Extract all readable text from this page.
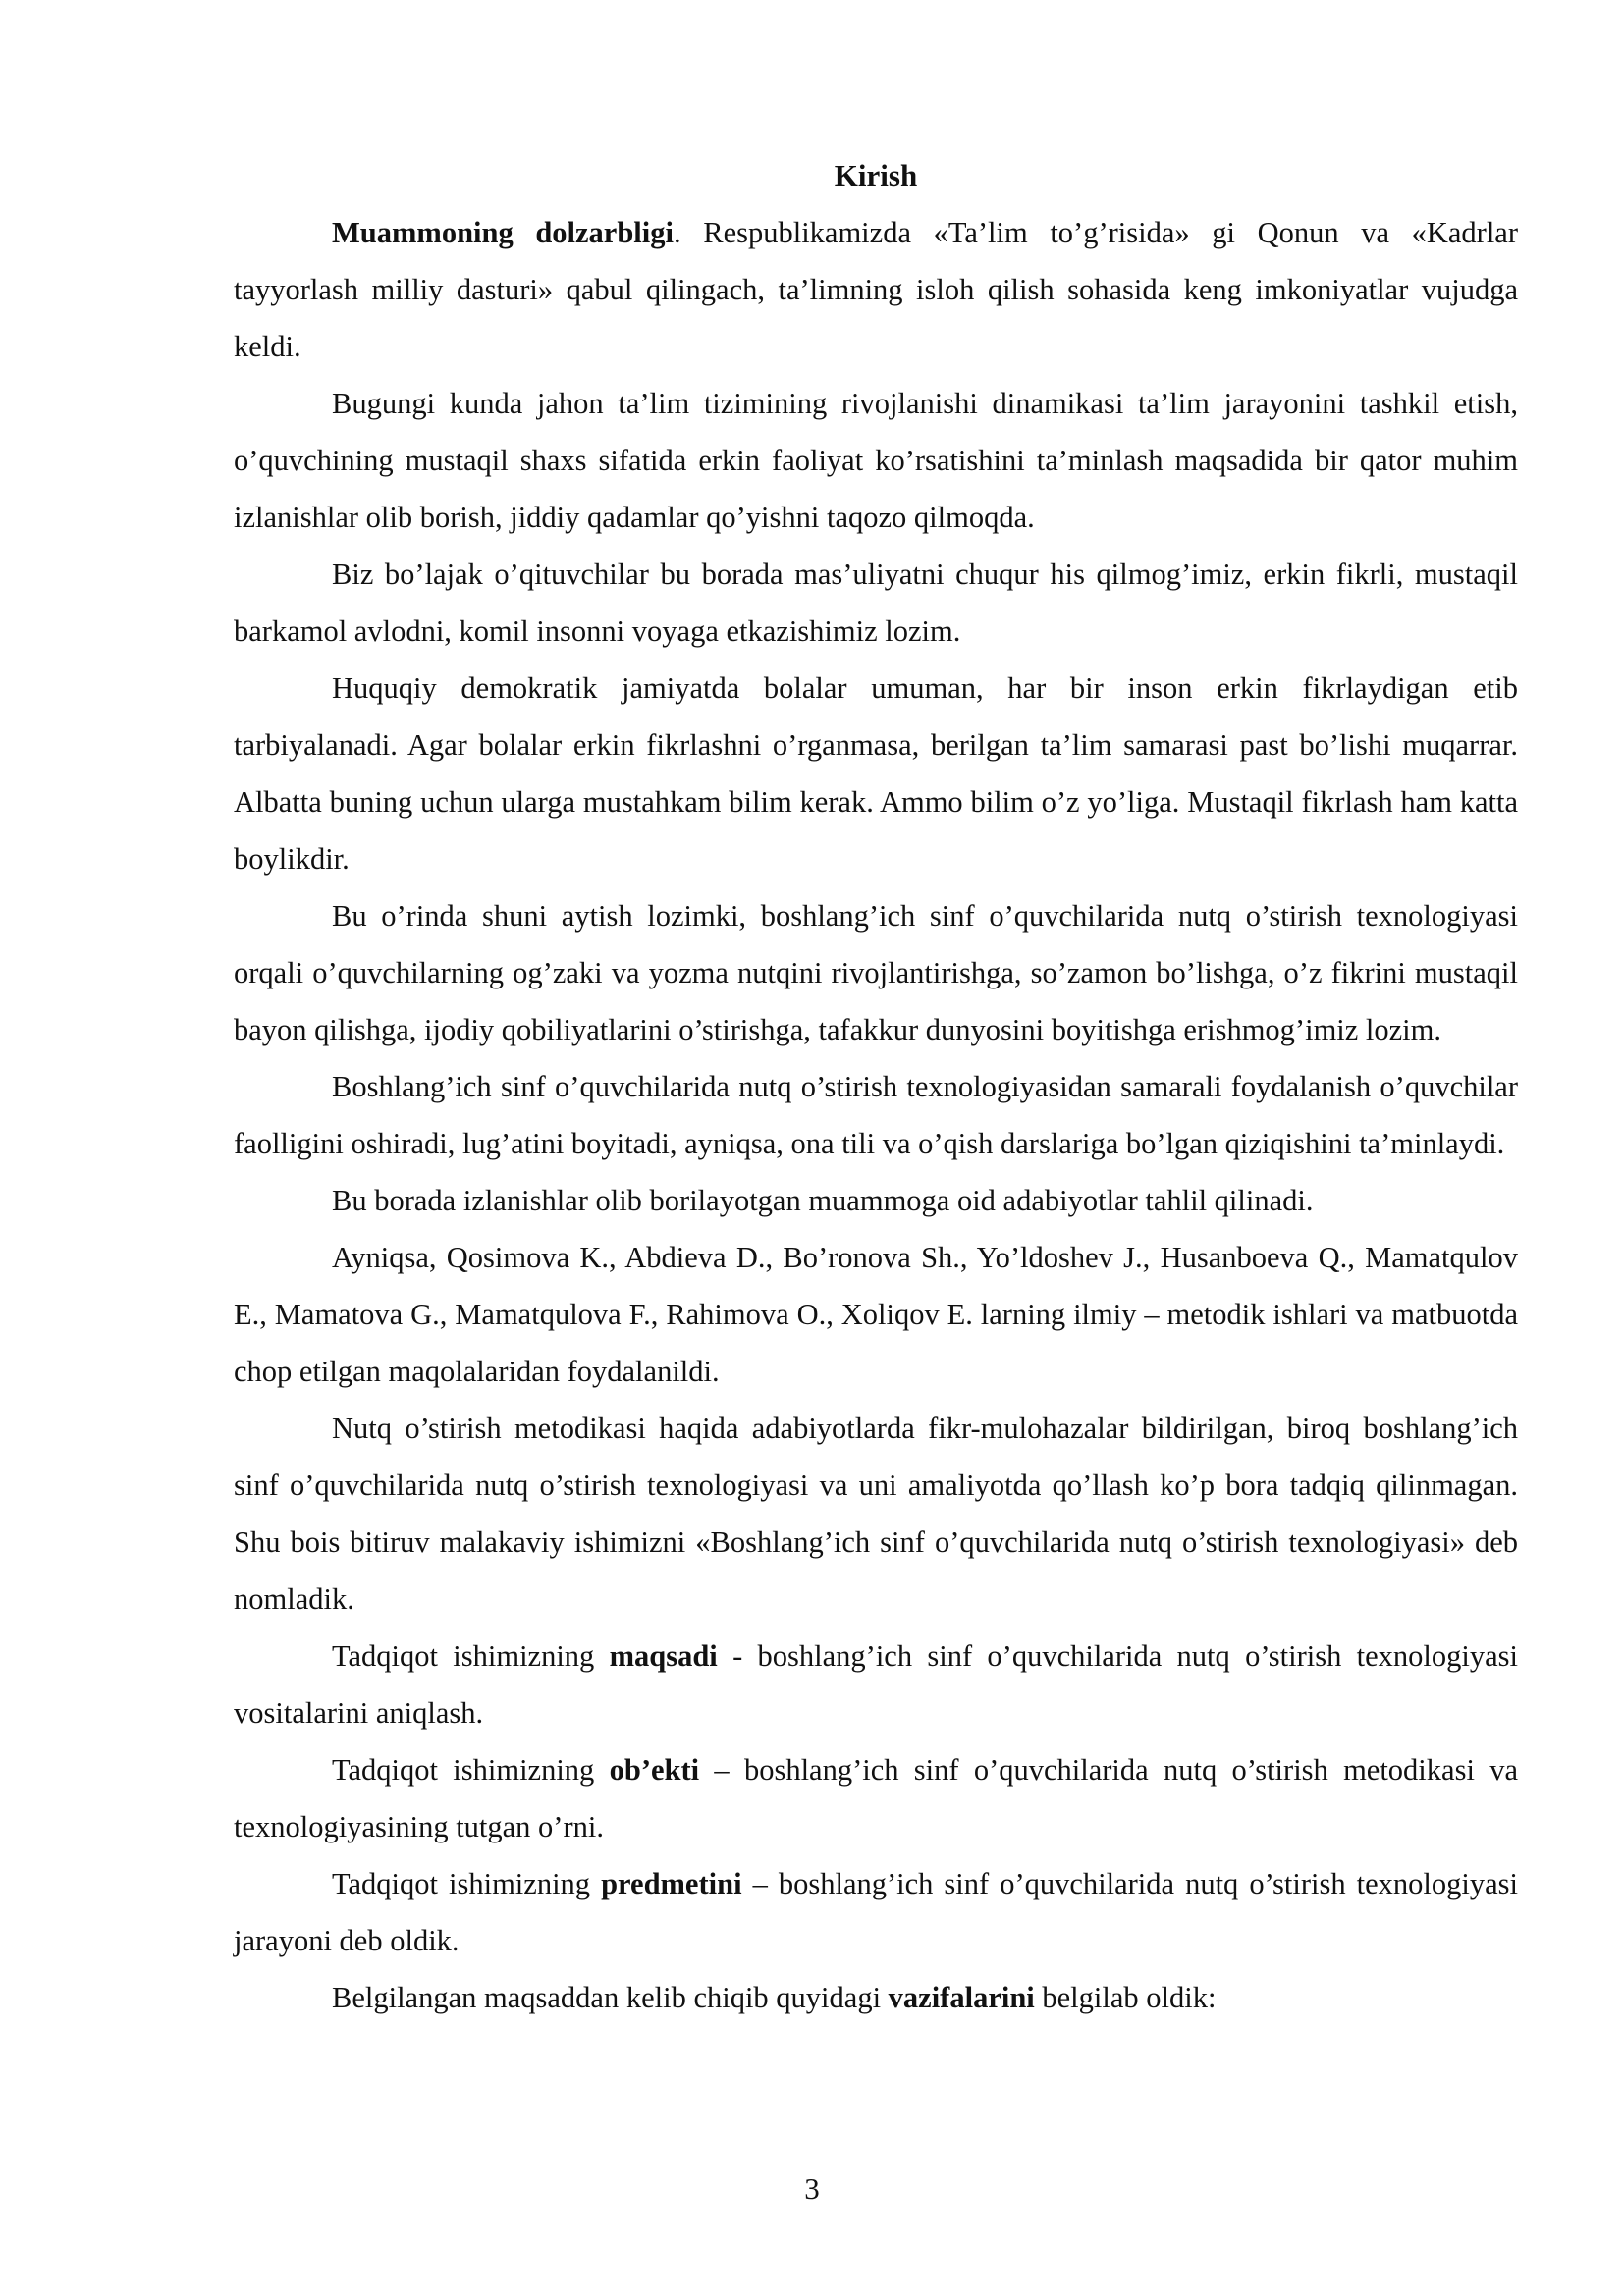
Kirish

Muammoning dolzarbligi. Respublikamizda «Ta’lim to’g’risida» gi Qonun va «Kadrlar tayyorlash milliy dasturi» qabul qilingach, ta’limning isloh qilish sohasida keng imkoniyatlar vujudga keldi.

Bugungi kunda jahon ta’lim tizimining rivojlanishi dinamikasi ta’lim jarayonini tashkil etish, o’quvchining mustaqil shaxs sifatida erkin faoliyat ko’rsatishini ta’minlash maqsadida bir qator muhim izlanishlar olib borish, jiddiy qadamlar qo’yishni taqozo qilmoqda.

Biz bo’lajak o’qituvchilar bu borada mas’uliyatni chuqur his qilmog’imiz, erkin fikrli, mustaqil barkamol avlodni, komil insonni voyaga etkazishimiz lozim.

Huquqiy demokratik jamiyatda bolalar umuman, har bir inson erkin fikrlaydigan etib tarbiyalanadi. Agar bolalar erkin fikrlashni o’rganmasa, berilgan ta’lim samarasi past bo’lishi muqarrar. Albatta buning uchun ularga mustahkam bilim kerak. Ammo bilim o’z yo’liga. Mustaqil fikrlash ham katta boylikdir.

Bu o’rinda shuni aytish lozimki, boshlang’ich sinf o’quvchilarida nutq o’stirish texnologiyasi orqali o’quvchilarning og’zaki va yozma nutqini rivojlantirishga, so’zamon bo’lishga, o’z fikrini mustaqil bayon qilishga, ijodiy qobiliyatlarini o’stirishga, tafakkur dunyosini boyitishga erishmog’imiz lozim.

Boshlang’ich sinf o’quvchilarida nutq o’stirish texnologiyasidan samarali foydalanish o’quvchilar faolligini oshiradi, lug’atini boyitadi, ayniqsa, ona tili va o’qish darslariga bo’lgan qiziqishini ta’minlaydi.

Bu borada izlanishlar olib borilayotgan muammoga oid adabiyotlar tahlil qilinadi.

Ayniqsa, Qosimova K., Abdieva D., Bo’ronova Sh., Yo’ldoshev J., Husanboeva Q., Mamatqulov E., Mamatova G., Mamatqulova F., Rahimova O., Xoliqov E. larning ilmiy – metodik ishlari va matbuotda chop etilgan maqolalaridan foydalanildi.

Nutq o’stirish metodikasi haqida adabiyotlarda fikr-mulohazalar bildirilgan, biroq boshlang’ich sinf o’quvchilarida nutq o’stirish texnologiyasi va uni amaliyotda qo’llash ko’p bora tadqiq qilinmagan. Shu bois bitiruv malakaviy ishimizni «Boshlang’ich sinf o’quvchilarida nutq o’stirish texnologiyasi» deb nomladik.

Tadqiqot ishimizning maqsadi - boshlang’ich sinf o’quvchilarida nutq o’stirish texnologiyasi vositalarini aniqlash.

Tadqiqot ishimizning ob’ekti – boshlang’ich sinf o’quvchilarida nutq o’stirish metodikasi va texnologiyasining tutgan o’rni.

Tadqiqot ishimizning predmetini – boshlang’ich sinf o’quvchilarida nutq o’stirish texnologiyasi jarayoni deb oldik.

Belgilangan maqsaddan kelib chiqib quyidagi vazifalarini belgilab oldik:

3
